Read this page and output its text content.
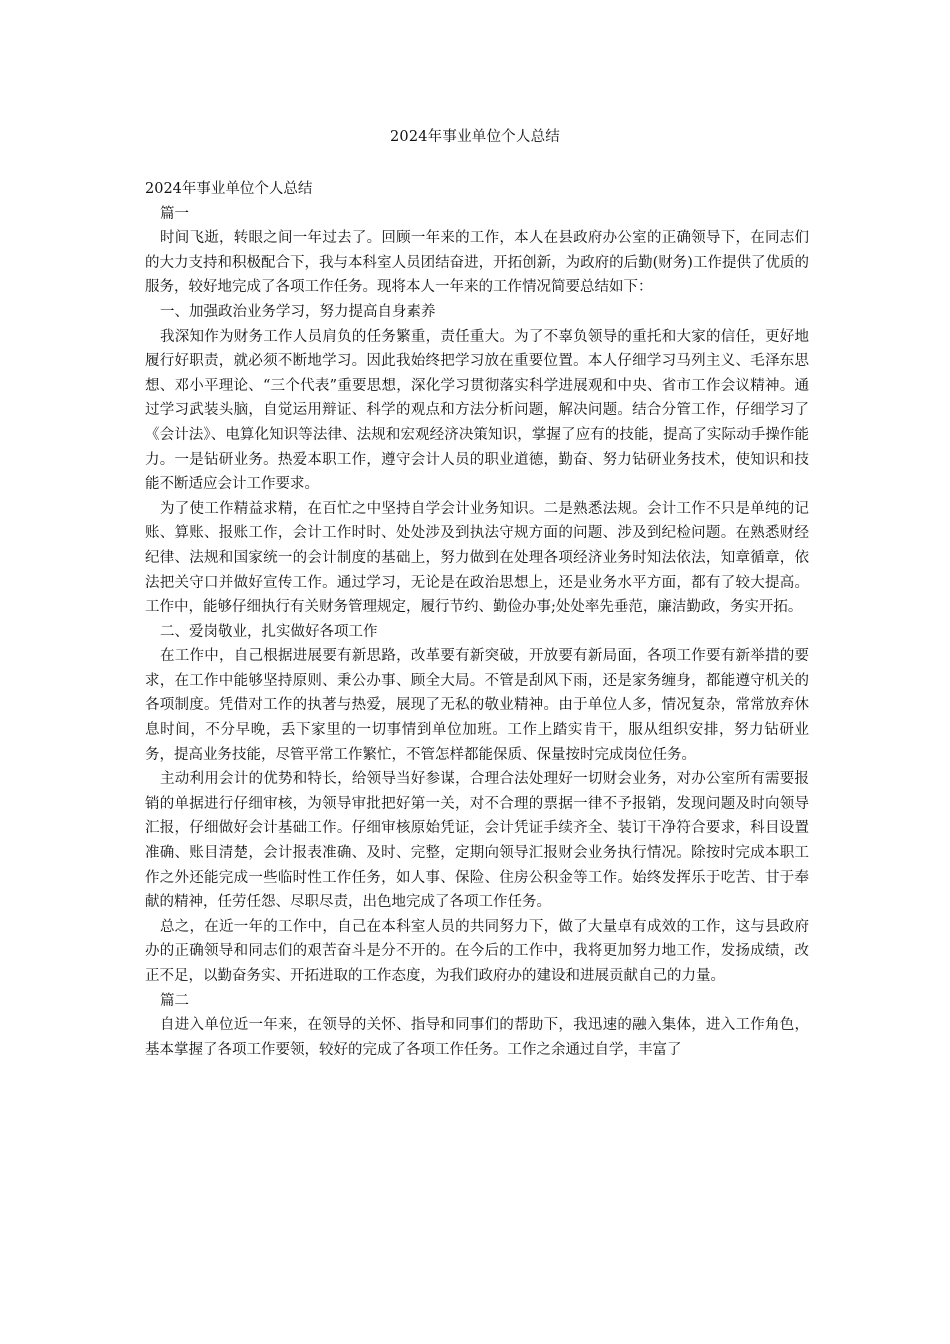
2024年事业单位个人总结

2024年事业单位个人总结

篇一

时间飞逝，转眼之间一年过去了。回顾一年来的工作，本人在县政府办公室的正确领导下，在同志们的大力支持和积极配合下，我与本科室人员团结奋进，开拓创新，为政府的后勤(财务)工作提供了优质的服务，较好地完成了各项工作任务。现将本人一年来的工作情况简要总结如下：

一、加强政治业务学习，努力提高自身素养

我深知作为财务工作人员肩负的任务繁重，责任重大。为了不辜负领导的重托和大家的信任，更好地履行好职责，就必须不断地学习。因此我始终把学习放在重要位置。本人仔细学习马列主义、毛泽东思想、邓小平理论、“三个代表”重要思想，深化学习贯彻落实科学进展观和中央、省市工作会议精神。通过学习武装头脑，自觉运用辩证、科学的观点和方法分析问题，解决问题。结合分管工作，仔细学习了《会计法》、电算化知识等法律、法规和宏观经济决策知识，掌握了应有的技能，提高了实际动手操作能力。一是钻研业务。热爱本职工作，遵守会计人员的职业道德，勤奋、努力钻研业务技术，使知识和技能不断适应会计工作要求。

为了使工作精益求精，在百忙之中坚持自学会计业务知识。二是熟悉法规。会计工作不只是单纯的记账、算账、报账工作，会计工作时时、处处涉及到执法守规方面的问题、涉及到纪检问题。在熟悉财经纪律、法规和国家统一的会计制度的基础上，努力做到在处理各项经济业务时知法依法，知章循章，依法把关守口并做好宣传工作。通过学习，无论是在政治思想上，还是业务水平方面，都有了较大提高。工作中，能够仔细执行有关财务管理规定，履行节约、勤俭办事;处处率先垂范，廉洁勤政，务实开拓。

二、爱岗敬业，扎实做好各项工作

在工作中，自己根据进展要有新思路，改革要有新突破，开放要有新局面，各项工作要有新举措的要求，在工作中能够坚持原则、秉公办事、顾全大局。不管是刮风下雨，还是家务缠身，都能遵守机关的各项制度。凭借对工作的执著与热爱，展现了无私的敬业精神。由于单位人多，情况复杂，常常放弃休息时间，不分早晚，丢下家里的一切事情到单位加班。工作上踏实肯干，服从组织安排，努力钻研业务，提高业务技能，尽管平常工作繁忙，不管怎样都能保质、保量按时完成岗位任务。

主动利用会计的优势和特长，给领导当好参谋，合理合法处理好一切财会业务，对办公室所有需要报销的单据进行仔细审核，为领导审批把好第一关，对不合理的票据一律不予报销，发现问题及时向领导汇报，仔细做好会计基础工作。仔细审核原始凭证，会计凭证手续齐全、装订干净符合要求，科目设置准确、账目清楚，会计报表准确、及时、完整，定期向领导汇报财会业务执行情况。除按时完成本职工作之外还能完成一些临时性工作任务，如人事、保险、住房公积金等工作。始终发挥乐于吃苦、甘于奉献的精神，任劳任怨、尽职尽责，出色地完成了各项工作任务。

总之，在近一年的工作中，自己在本科室人员的共同努力下，做了大量卓有成效的工作，这与县政府办的正确领导和同志们的艰苦奋斗是分不开的。在今后的工作中，我将更加努力地工作，发扬成绩，改正不足，以勤奋务实、开拓进取的工作态度，为我们政府办的建设和进展贡献自己的力量。

篇二

自进入单位近一年来，在领导的关怀、指导和同事们的帮助下，我迅速的融入集体，进入工作角色，基本掌握了各项工作要领，较好的完成了各项工作任务。工作之余通过自学，丰富了
